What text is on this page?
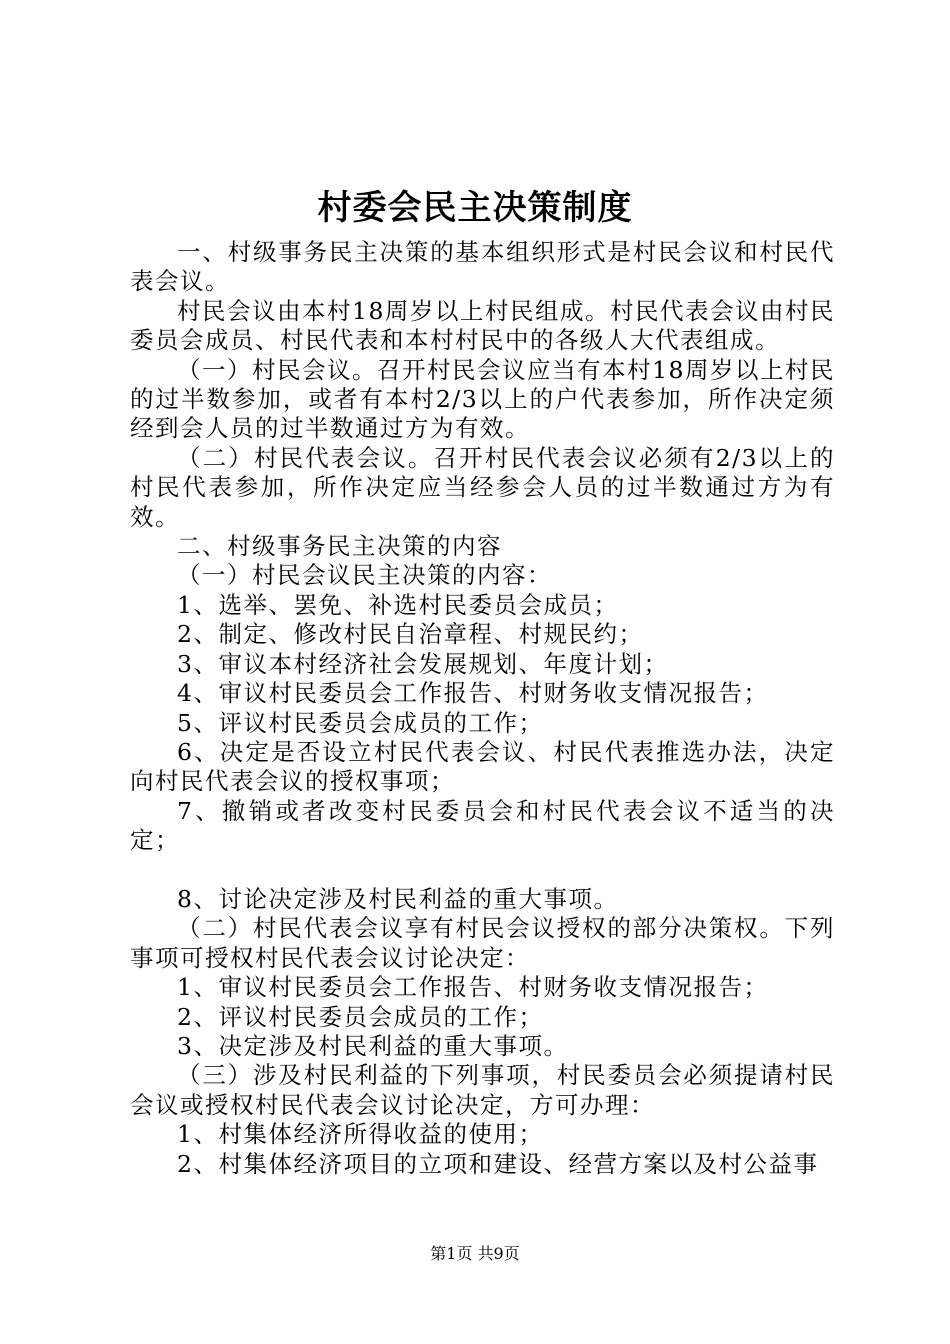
村委会民主决策制度

一、村级事务民主决策的基本组织形式是村民会议和村民代表会议。

村民会议由本村18周岁以上村民组成。村民代表会议由村民委员会成员、村民代表和本村村民中的各级人大代表组成。

（一）村民会议。召开村民会议应当有本村18周岁以上村民的过半数参加，或者有本村2/3以上的户代表参加，所作决定须经到会人员的过半数通过方为有效。

（二）村民代表会议。召开村民代表会议必须有2/3以上的村民代表参加，所作决定应当经参会人员的过半数通过方为有效。

二、村级事务民主决策的内容

（一）村民会议民主决策的内容：

1、选举、罢免、补选村民委员会成员；

2、制定、修改村民自治章程、村规民约；

3、审议本村经济社会发展规划、年度计划；

4、审议村民委员会工作报告、村财务收支情况报告；

5、评议村民委员会成员的工作；

6、决定是否设立村民代表会议、村民代表推选办法，决定向村民代表会议的授权事项；

7、撤销或者改变村民委员会和村民代表会议不适当的决定；

8、讨论决定涉及村民利益的重大事项。

（二）村民代表会议享有村民会议授权的部分决策权。下列事项可授权村民代表会议讨论决定：

1、审议村民委员会工作报告、村财务收支情况报告；

2、评议村民委员会成员的工作；

3、决定涉及村民利益的重大事项。

（三）涉及村民利益的下列事项，村民委员会必须提请村民会议或授权村民代表会议讨论决定，方可办理：

1、村集体经济所得收益的使用；

2、村集体经济项目的立项和建设、经营方案以及村公益事

第1页 共9页
